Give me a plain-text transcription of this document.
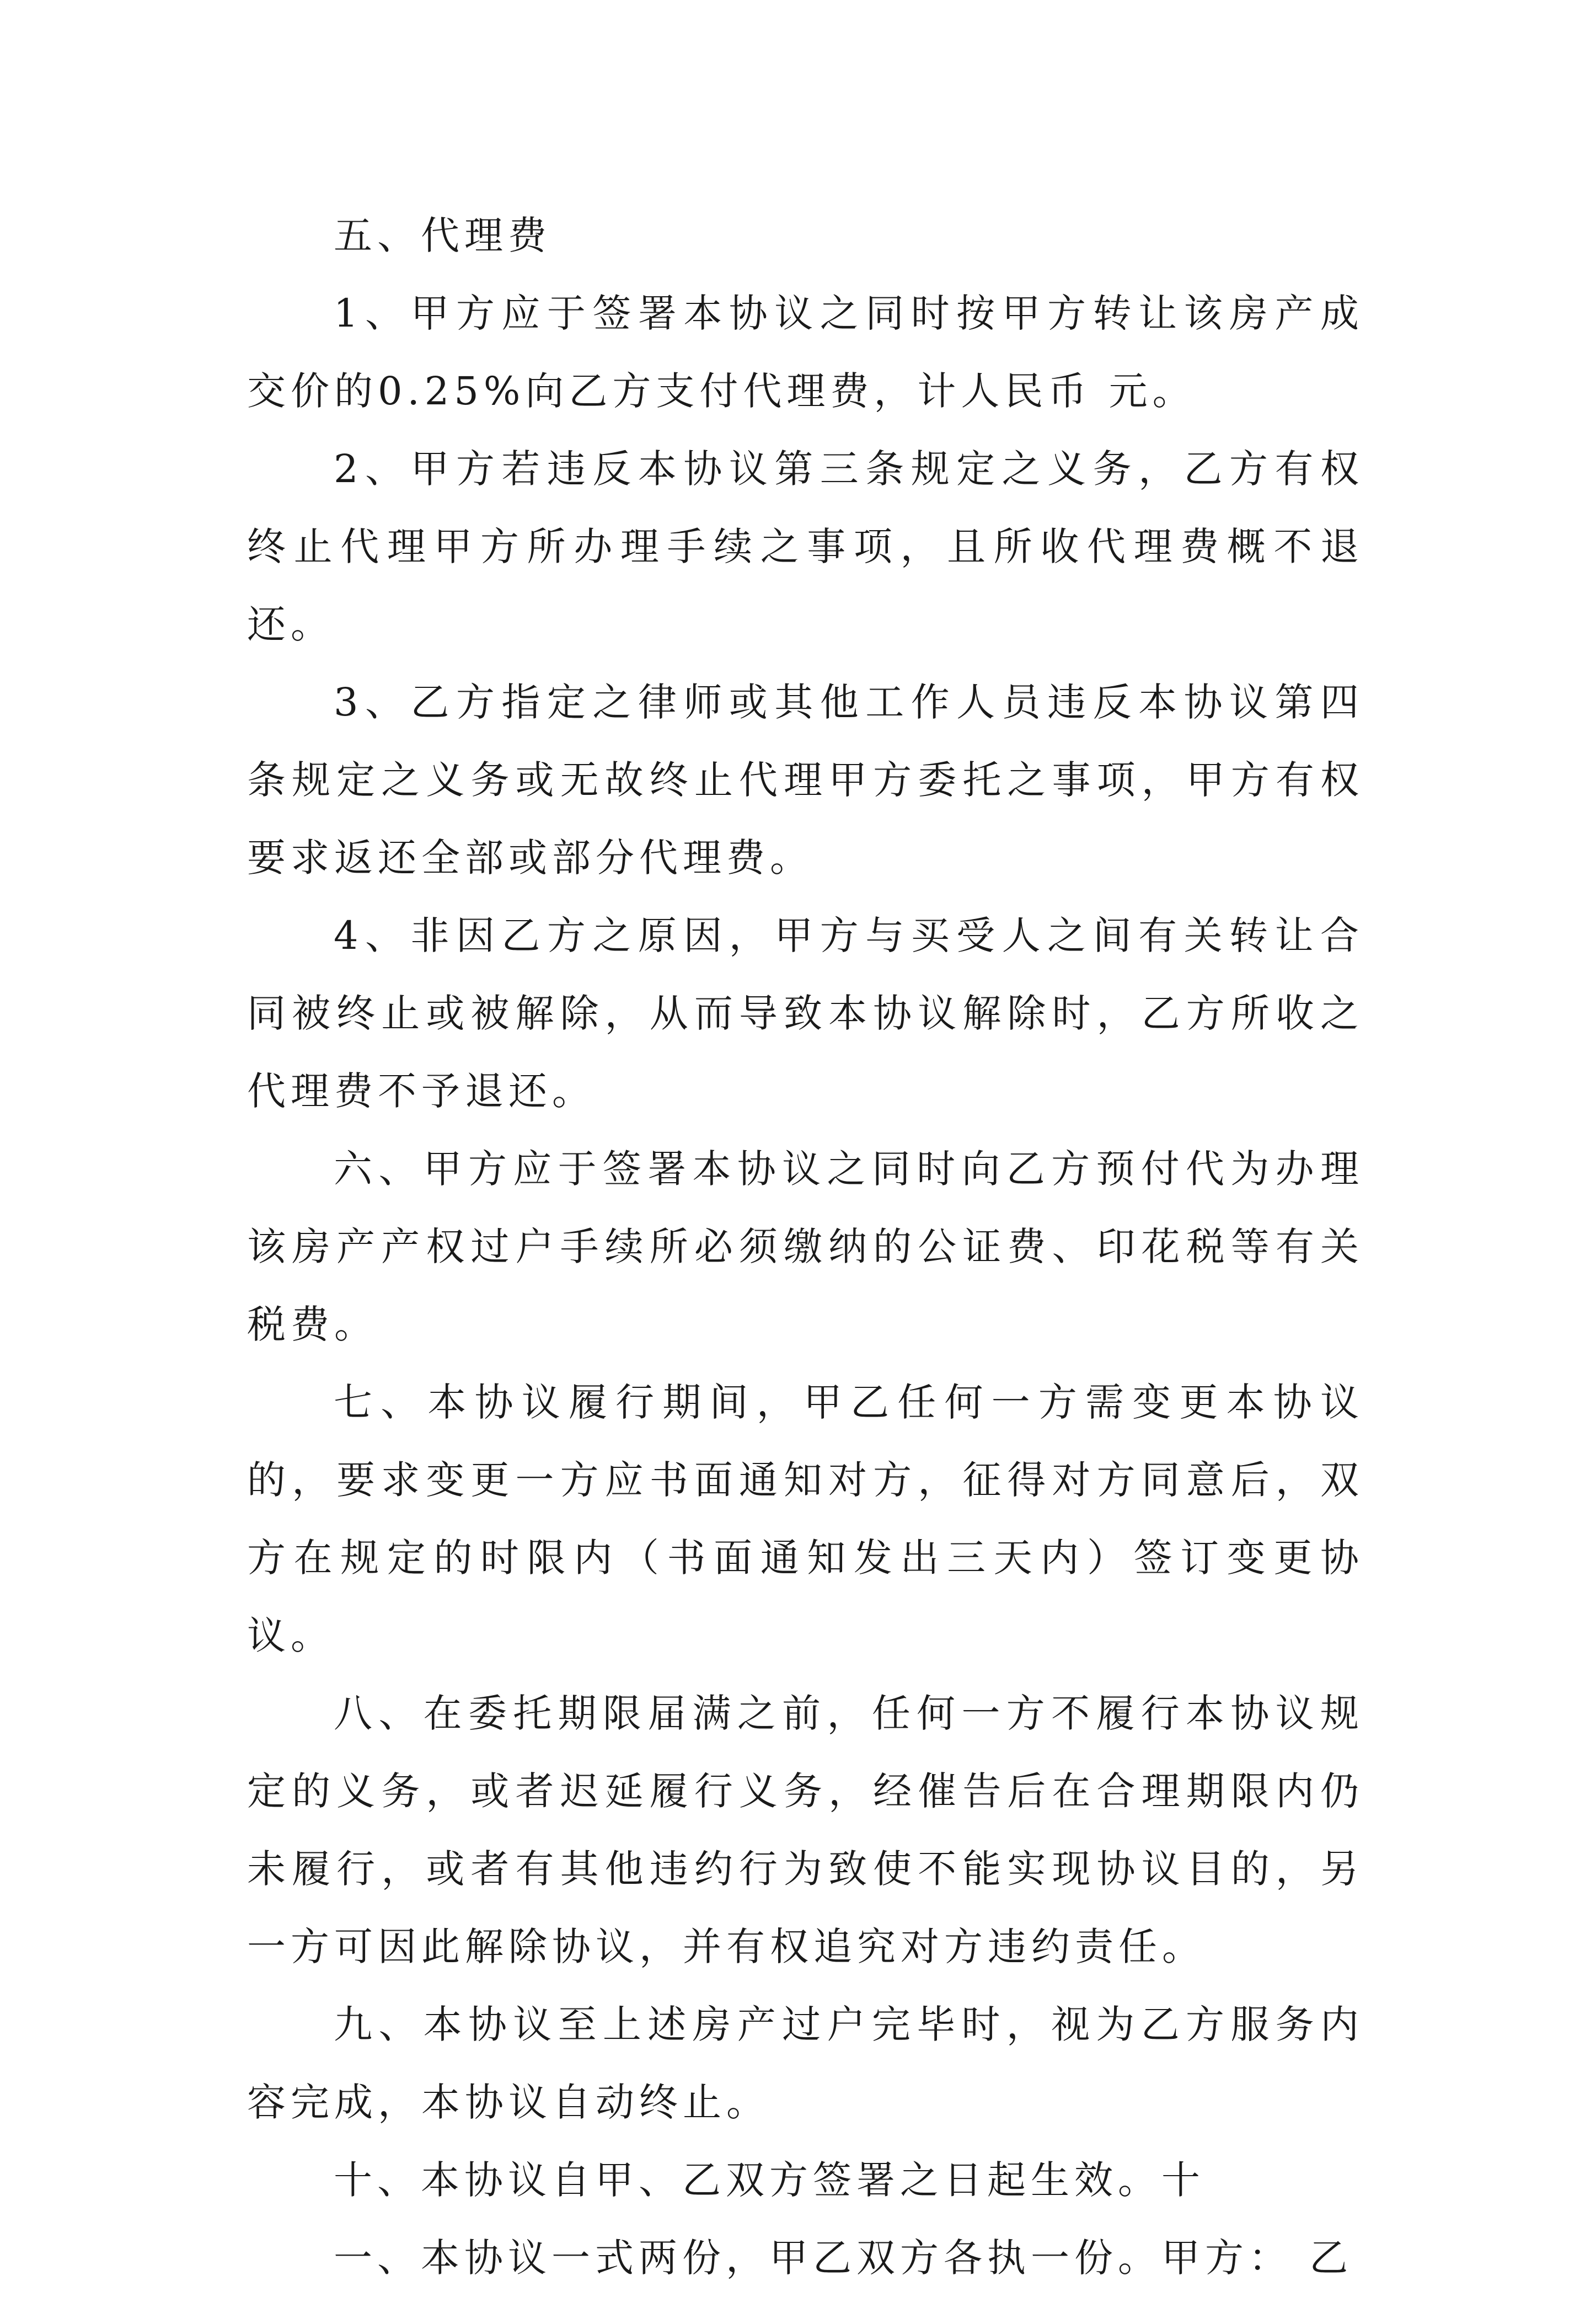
五、代理费

1、甲方应于签署本协议之同时按甲方转让该房产成交价的0.25%向乙方支付代理费，计人民币 元。

2、甲方若违反本协议第三条规定之义务，乙方有权终止代理甲方所办理手续之事项，且所收代理费概不退还。

3、乙方指定之律师或其他工作人员违反本协议第四条规定之义务或无故终止代理甲方委托之事项，甲方有权要求返还全部或部分代理费。

4、非因乙方之原因，甲方与买受人之间有关转让合同被终止或被解除，从而导致本协议解除时，乙方所收之代理费不予退还。

六、甲方应于签署本协议之同时向乙方预付代为办理该房产产权过户手续所必须缴纳的公证费、印花税等有关税费。

七、本协议履行期间，甲乙任何一方需变更本协议的，要求变更一方应书面通知对方，征得对方同意后，双方在规定的时限内（书面通知发出三天内）签订变更协议。

八、在委托期限届满之前，任何一方不履行本协议规定的义务，或者迟延履行义务，经催告后在合理期限内仍未履行，或者有其他违约行为致使不能实现协议目的，另一方可因此解除协议，并有权追究对方违约责任。

九、本协议至上述房产过户完毕时，视为乙方服务内容完成，本协议自动终止。

十、本协议自甲、乙双方签署之日起生效。十

一、本协议一式两份，甲乙双方各执一份。甲方： 乙
